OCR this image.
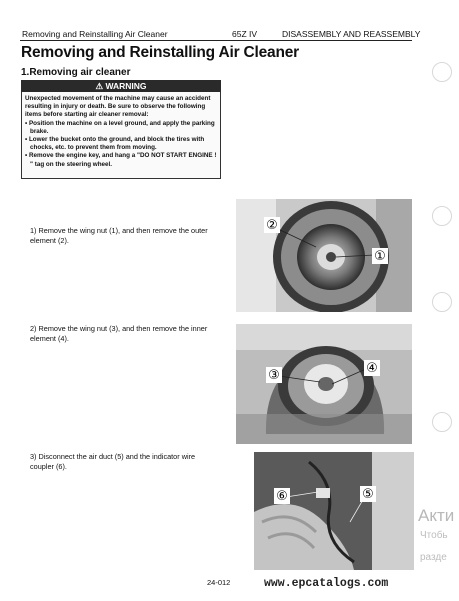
Removing and Reinstalling Air Cleaner	65Z IV	DISASSEMBLY AND REASSEMBLY
Removing and Reinstalling Air Cleaner
1.Removing air cleaner
⚠ WARNING
Unexpected movement of the machine may cause an accident resulting in injury or death. Be sure to observe the following items before starting air cleaner removal:
• Position the machine on a level ground, and apply the parking brake.
• Lower the bucket onto the ground, and block the tires with chocks, etc. to prevent them from moving.
• Remove the engine key, and hang a "DO NOT START ENGINE ! " tag on the steering wheel.
1) Remove the wing nut (1), and then remove the outer element (2).
②
①
2) Remove the wing nut (3), and then remove the inner element (4).
③	④
3) Disconnect the air duct (5) and the indicator wire coupler (6).
⑥	⑤
24-012	www.epcatalogs.com
Акти
Чтобь
разде
